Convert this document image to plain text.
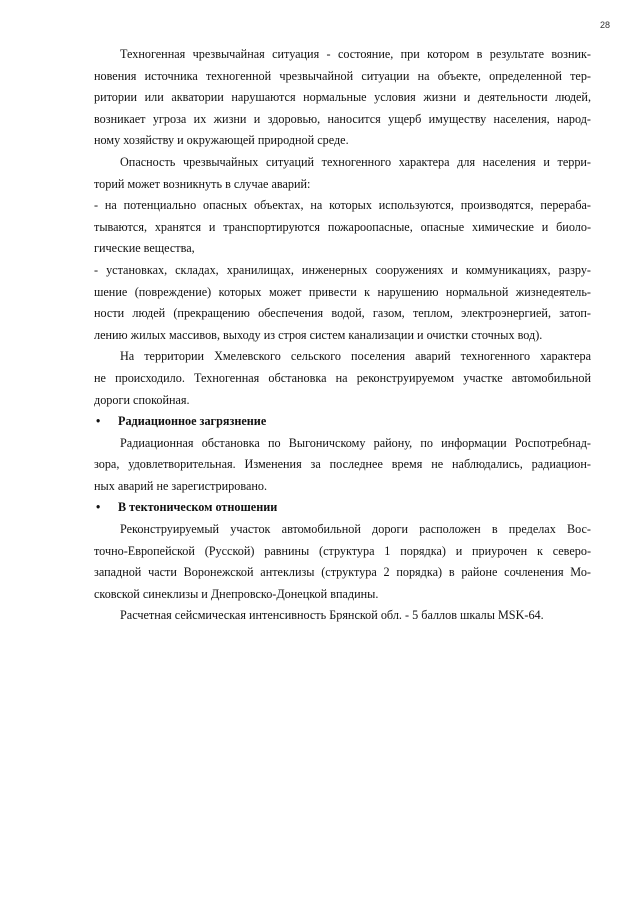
28
Техногенная чрезвычайная ситуация - состояние, при котором в результате возник-
новения источника техногенной чрезвычайной ситуации на объекте, определенной тер-
ритории или акватории нарушаются нормальные условия жизни и деятельности людей,
возникает угроза их жизни и здоровью, наносится ущерб имуществу населения, народ-
ному хозяйству и окружающей природной среде.
Опасность чрезвычайных ситуаций техногенного характера для населения и терри-
торий может возникнуть в случае аварий:
- на потенциально опасных объектах, на которых используются, производятся, перераба-
тываются, хранятся и транспортируются пожароопасные, опасные химические и биоло-
гические вещества,
- установках, складах, хранилищах, инженерных сооружениях и коммуникациях, разру-
шение (повреждение) которых может привести к нарушению нормальной жизнедеятель-
ности людей (прекращению обеспечения водой, газом, теплом, электроэнергией, затоп-
лению жилых массивов, выходу из строя систем канализации и очистки сточных вод).
На территории Хмелевского сельского поселения аварий техногенного характера
не происходило. Техногенная обстановка на реконструируемом участке автомобильной
дороги спокойная.
• Радиационное загрязнение
Радиационная обстановка по Выгоничскому району, по информации Роспотребнад-
зора, удовлетворительная. Изменения за последнее время не наблюдались, радиацион-
ных аварий не зарегистрировано.
• В тектоническом отношении
Реконструируемый участок автомобильной дороги расположен в пределах Вос-
точно-Европейской (Русской) равнины (структура 1 порядка) и приурочен к северо-
западной части Воронежской антеклизы (структура 2 порядка) в районе сочленения Мо-
сковской синеклизы и Днепровско-Донецкой впадины.
Расчетная сейсмическая интенсивность Брянской обл. - 5 баллов шкалы MSK-64.
